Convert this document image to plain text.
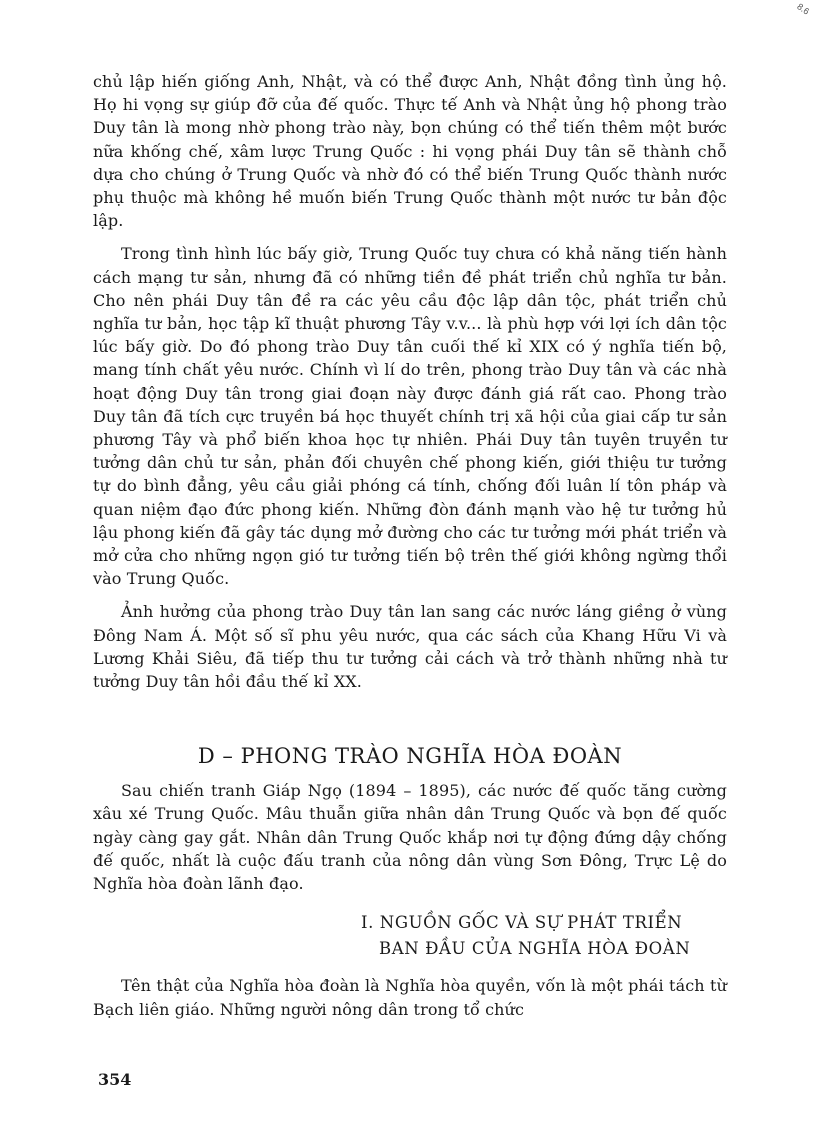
8.6

chủ lập hiến giống Anh, Nhật, và có thể được Anh, Nhật đồng tình ủng hộ. Họ hi vọng sự giúp đỡ của đế quốc. Thực tế Anh và Nhật ủng hộ phong trào Duy tân là mong nhờ phong trào này, bọn chúng có thể tiến thêm một bước nữa khống chế, xâm lược Trung Quốc : hi vọng phái Duy tân sẽ thành chỗ dựa cho chúng ở Trung Quốc và nhờ đó có thể biến Trung Quốc thành nước phụ thuộc mà không hề muốn biến Trung Quốc thành một nước tư bản độc lập.

Trong tình hình lúc bấy giờ, Trung Quốc tuy chưa có khả năng tiến hành cách mạng tư sản, nhưng đã có những tiền đề phát triển chủ nghĩa tư bản. Cho nên phái Duy tân đề ra các yêu cầu độc lập dân tộc, phát triển chủ nghĩa tư bản, học tập kĩ thuật phương Tây v.v... là phù hợp với lợi ích dân tộc lúc bấy giờ. Do đó phong trào Duy tân cuối thế kỉ XIX có ý nghĩa tiến bộ, mang tính chất yêu nước. Chính vì lí do trên, phong trào Duy tân và các nhà hoạt động Duy tân trong giai đoạn này được đánh giá rất cao. Phong trào Duy tân đã tích cực truyền bá học thuyết chính trị xã hội của giai cấp tư sản phương Tây và phổ biến khoa học tự nhiên. Phái Duy tân tuyên truyền tư tưởng dân chủ tư sản, phản đối chuyên chế phong kiến, giới thiệu tư tưởng tự do bình đẳng, yêu cầu giải phóng cá tính, chống đối luân lí tôn pháp và quan niệm đạo đức phong kiến. Những đòn đánh mạnh vào hệ tư tưởng hủ lậu phong kiến đã gây tác dụng mở đường cho các tư tưởng mới phát triển và mở cửa cho những ngọn gió tư tưởng tiến bộ trên thế giới không ngừng thổi vào Trung Quốc.

Ảnh hưởng của phong trào Duy tân lan sang các nước láng giềng ở vùng Đông Nam Á. Một số sĩ phu yêu nước, qua các sách của Khang Hữu Vi và Lương Khải Siêu, đã tiếp thu tư tưởng cải cách và trở thành những nhà tư tưởng Duy tân hồi đầu thế kỉ XX.

D – PHONG TRÀO NGHĨA HÒA ĐOÀN

Sau chiến tranh Giáp Ngọ (1894 – 1895), các nước đế quốc tăng cường xâu xé Trung Quốc. Mâu thuẫn giữa nhân dân Trung Quốc và bọn đế quốc ngày càng gay gắt. Nhân dân Trung Quốc khắp nơi tự động đứng dậy chống đế quốc, nhất là cuộc đấu tranh của nông dân vùng Sơn Đông, Trực Lệ do Nghĩa hòa đoàn lãnh đạo.

I. NGUỒN GỐC VÀ SỰ PHÁT TRIỂN
BAN ĐẦU CỦA NGHĨA HÒA ĐOÀN

Tên thật của Nghĩa hòa đoàn là Nghĩa hòa quyền, vốn là một phái tách từ Bạch liên giáo. Những người nông dân trong tổ chức

354
